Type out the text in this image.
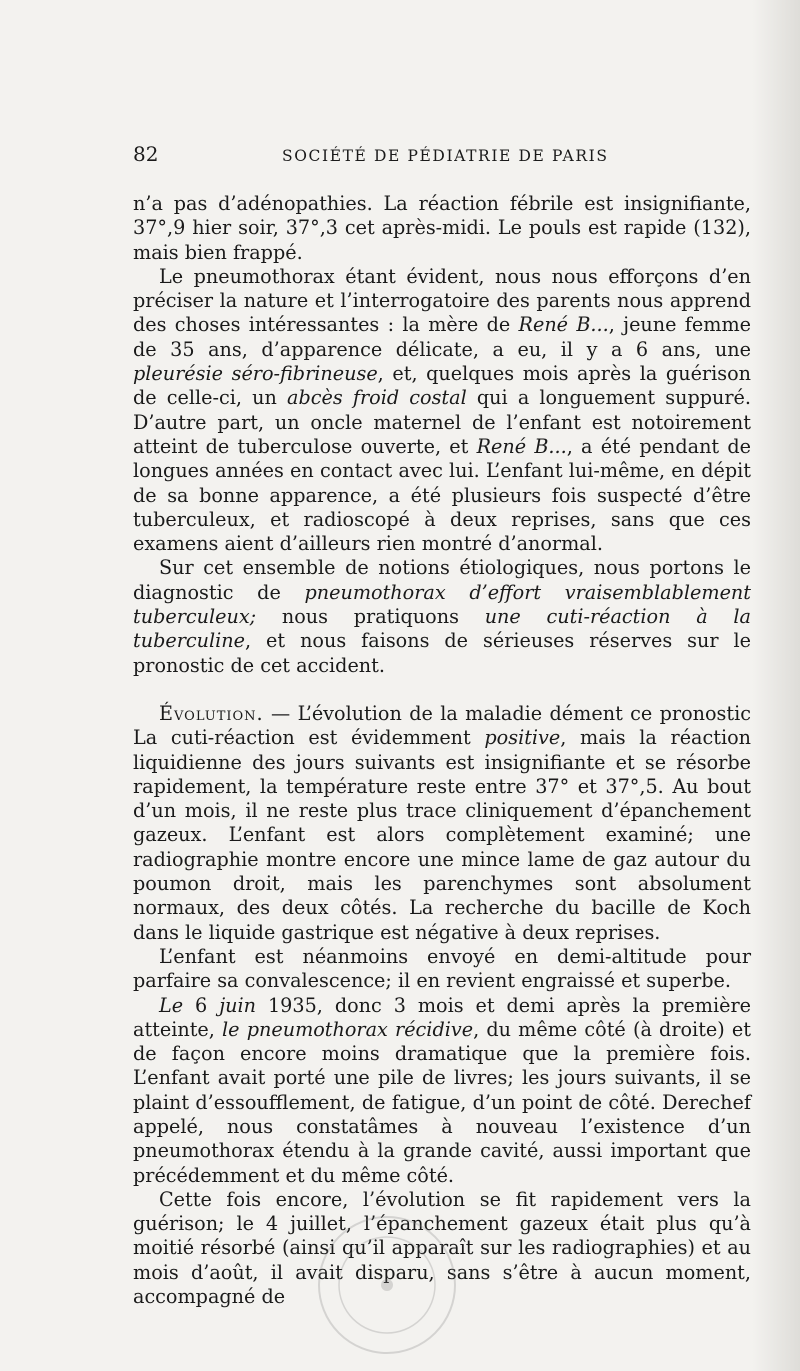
82	SOCIÉTÉ DE PÉDIATRIE DE PARIS

n’a pas d’adénopathies. La réaction fébrile est insignifiante, 37°,9 hier soir, 37°,3 cet après-midi. Le pouls est rapide (132), mais bien frappé.

Le pneumothorax étant évident, nous nous efforçons d’en préciser la nature et l’interrogatoire des parents nous apprend des choses intéressantes : la mère de René B..., jeune femme de 35 ans, d’apparence délicate, a eu, il y a 6 ans, une pleurésie séro-fibrineuse, et, quelques mois après la guérison de celle-ci, un abcès froid costal qui a longuement suppuré. D’autre part, un oncle maternel de l’enfant est notoirement atteint de tuberculose ouverte, et René B..., a été pendant de longues années en contact avec lui. L’enfant lui-même, en dépit de sa bonne apparence, a été plusieurs fois suspecté d’être tuberculeux, et radioscopé à deux reprises, sans que ces examens aient d’ailleurs rien montré d’anormal.

Sur cet ensemble de notions étiologiques, nous portons le diagnostic de pneumothorax d’effort vraisemblablement tuberculeux; nous pratiquons une cuti-réaction à la tuberculine, et nous faisons de sérieuses réserves sur le pronostic de cet accident.

Évolution. — L’évolution de la maladie dément ce pronostic La cuti-réaction est évidemment positive, mais la réaction liquidienne des jours suivants est insignifiante et se résorbe rapidement, la température reste entre 37° et 37°,5. Au bout d’un mois, il ne reste plus trace cliniquement d’épanchement gazeux. L’enfant est alors complètement examiné; une radiographie montre encore une mince lame de gaz autour du poumon droit, mais les parenchymes sont absolument normaux, des deux côtés. La recherche du bacille de Koch dans le liquide gastrique est négative à deux reprises.

L’enfant est néanmoins envoyé en demi-altitude pour parfaire sa convalescence; il en revient engraissé et superbe.

Le 6 juin 1935, donc 3 mois et demi après la première atteinte, le pneumothorax récidive, du même côté (à droite) et de façon encore moins dramatique que la première fois. L’enfant avait porté une pile de livres; les jours suivants, il se plaint d’essoufflement, de fatigue, d’un point de côté. Derechef appelé, nous constatâmes à nouveau l’existence d’un pneumothorax étendu à la grande cavité, aussi important que précédemment et du même côté.

Cette fois encore, l’évolution se fit rapidement vers la guérison; le 4 juillet, l’épanchement gazeux était plus qu’à moitié résorbé (ainsi qu’il apparaît sur les radiographies) et au mois d’août, il avait disparu, sans s’être à aucun moment, accompagné de
